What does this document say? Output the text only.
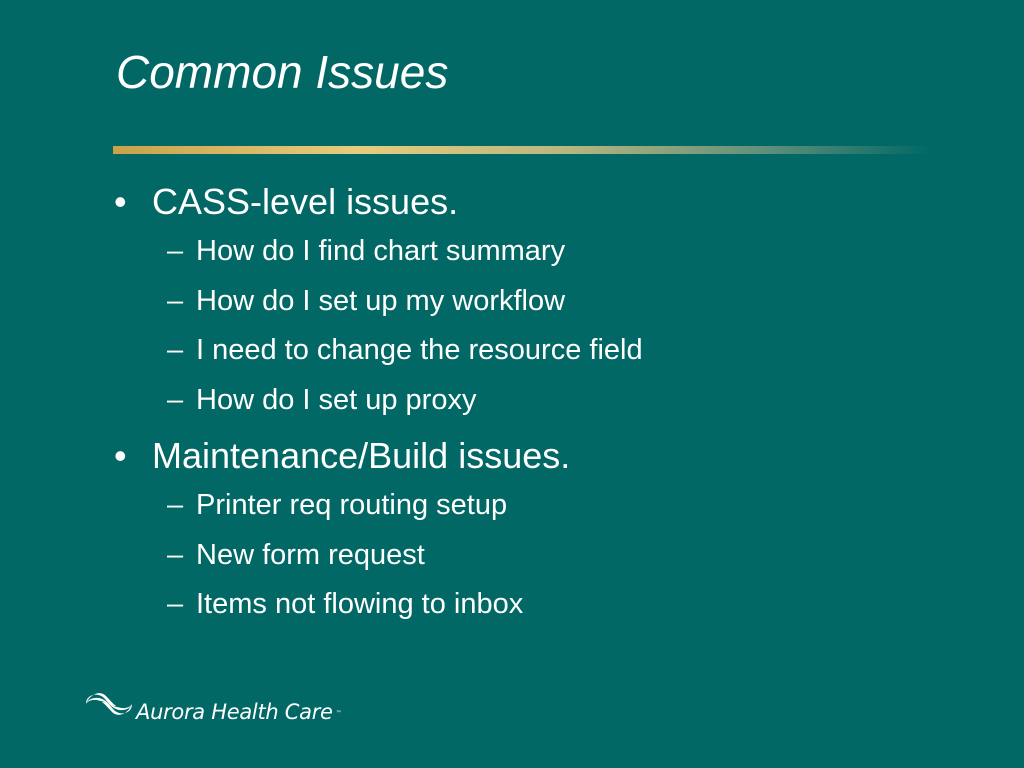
Common Issues
• CASS-level issues.
– How do I find chart summary
– How do I set up my workflow
– I need to change the resource field
– How do I set up proxy
• Maintenance/Build issues.
– Printer req routing setup
– New form request
– Items not flowing to inbox
Aurora Health Care ™
